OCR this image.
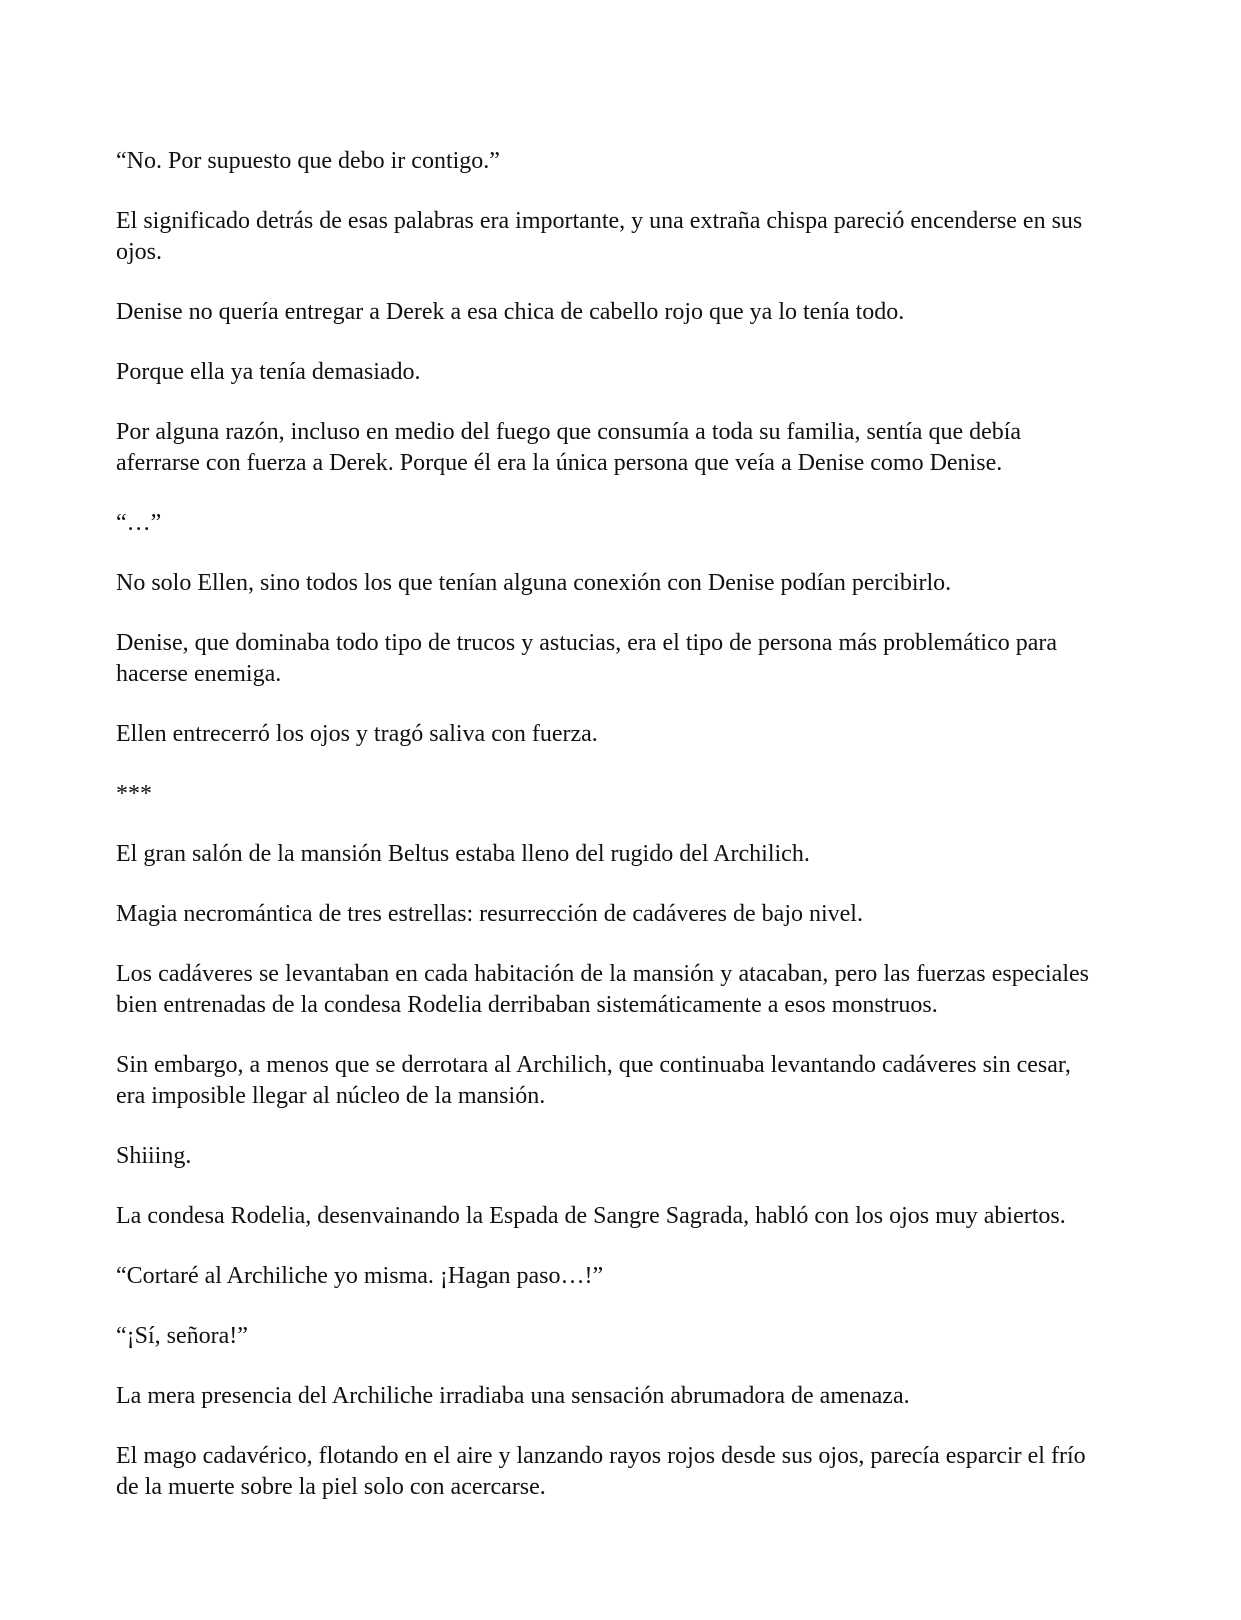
“No. Por supuesto que debo ir contigo.”

El significado detrás de esas palabras era importante, y una extraña chispa pareció encenderse en sus ojos.

Denise no quería entregar a Derek a esa chica de cabello rojo que ya lo tenía todo.

Porque ella ya tenía demasiado.

Por alguna razón, incluso en medio del fuego que consumía a toda su familia, sentía que debía aferrarse con fuerza a Derek. Porque él era la única persona que veía a Denise como Denise.

“…”

No solo Ellen, sino todos los que tenían alguna conexión con Denise podían percibirlo.

Denise, que dominaba todo tipo de trucos y astucias, era el tipo de persona más problemático para hacerse enemiga.

Ellen entrecerró los ojos y tragó saliva con fuerza.

***

El gran salón de la mansión Beltus estaba lleno del rugido del Archilich.

Magia necromántica de tres estrellas: resurrección de cadáveres de bajo nivel.

Los cadáveres se levantaban en cada habitación de la mansión y atacaban, pero las fuerzas especiales bien entrenadas de la condesa Rodelia derribaban sistemáticamente a esos monstruos.

Sin embargo, a menos que se derrotara al Archilich, que continuaba levantando cadáveres sin cesar, era imposible llegar al núcleo de la mansión.

Shiiing.

La condesa Rodelia, desenvainando la Espada de Sangre Sagrada, habló con los ojos muy abiertos.

“Cortaré al Archiliche yo misma. ¡Hagan paso…!”

“¡Sí, señora!”

La mera presencia del Archiliche irradiaba una sensación abrumadora de amenaza.

El mago cadavérico, flotando en el aire y lanzando rayos rojos desde sus ojos, parecía esparcir el frío de la muerte sobre la piel solo con acercarse.
